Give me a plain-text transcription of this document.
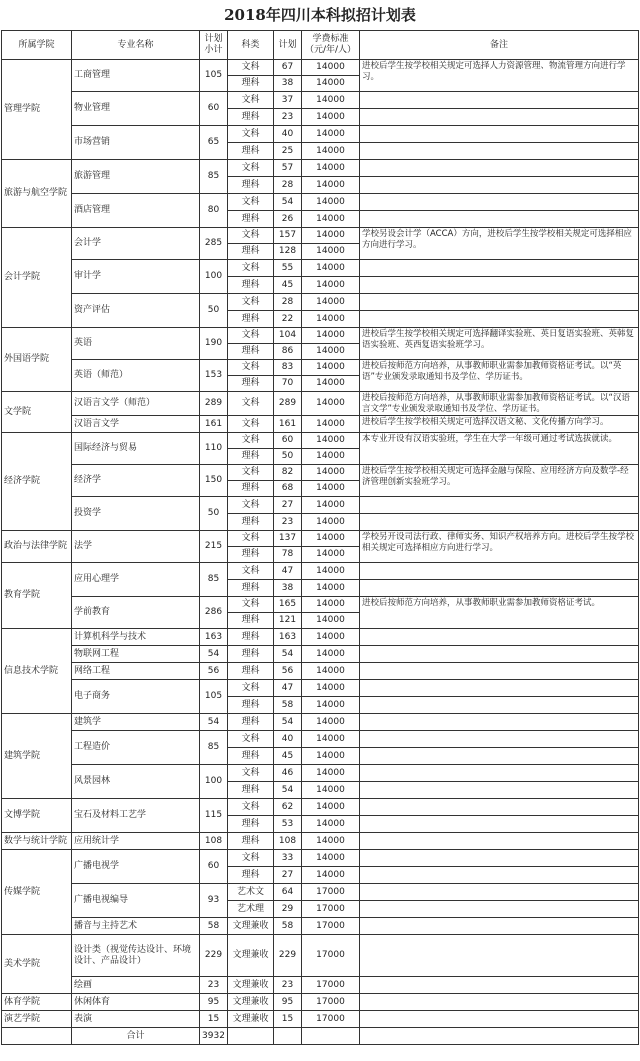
2018年四川本科拟招计划表
所属学院	专业名称	计划小计	科类	计划	学费标准（元/年/人）	备注
管理学院	工商管理	105	文科	67	14000	进校后学生按学校相关规定可选择人力资源管理、物流管理方向进行学习。
			理科	38	14000	
	物业管理	60	文科	37	14000	
			理科	23	14000	
	市场营销	65	文科	40	14000	
			理科	25	14000	
旅游与航空学院	旅游管理	85	文科	57	14000	
			理科	28	14000	
	酒店管理	80	文科	54	14000	
			理科	26	14000	
会计学院	会计学	285	文科	157	14000	学校另设会计学（ACCA）方向，进校后学生按学校相关规定可选择相应方向进行学习。
			理科	128	14000	
	审计学	100	文科	55	14000	
			理科	45	14000	
	资产评估	50	文科	28	14000	
			理科	22	14000	
外国语学院	英语	190	文科	104	14000	进校后学生按学校相关规定可选择翻译实验班、英日复语实验班、英韩复语实验班、英西复语实验班学习。
			理科	86	14000	
	英语（师范）	153	文科	83	14000	进校后按师范方向培养，从事教师职业需参加教师资格证考试。以“英语”专业颁发录取通知书及学位、学历证书。
			理科	70	14000	
文学院	汉语言文学（师范）	289	文科	289	14000	进校后按师范方向培养，从事教师职业需参加教师资格证考试。以“汉语言文学”专业颁发录取通知书及学位、学历证书。
	汉语言文学	161	文科	161	14000	进校后学生按学校相关规定可选择汉语文秘、文化传播方向学习。
经济学院	国际经济与贸易	110	文科	60	14000	本专业开设有汉语实验班，学生在大学一年级可通过考试选拔就读。
			理科	50	14000	
	经济学	150	文科	82	14000	进校后学生按学校相关规定可选择金融与保险、应用经济方向及数学-经济管理创新实验班学习。
			理科	68	14000	
	投资学	50	文科	27	14000	
			理科	23	14000	
政治与法律学院	法学	215	文科	137	14000	学校另开设司法行政、律师实务、知识产权培养方向。进校后学生按学校相关规定可选择相应方向进行学习。
			理科	78	14000	
教育学院	应用心理学	85	文科	47	14000	
			理科	38	14000	
	学前教育	286	文科	165	14000	进校后按师范方向培养，从事教师职业需参加教师资格证考试。
			理科	121	14000	
信息技术学院	计算机科学与技术	163	理科	163	14000	
	物联网工程	54	理科	54	14000	
	网络工程	56	理科	56	14000	
	电子商务	105	文科	47	14000	
			理科	58	14000	
建筑学院	建筑学	54	理科	54	14000	
	工程造价	85	文科	40	14000	
			理科	45	14000	
	风景园林	100	文科	46	14000	
			理科	54	14000	
文博学院	宝石及材料工艺学	115	文科	62	14000	
			理科	53	14000	
数学与统计学院	应用统计学	108	理科	108	14000	
传媒学院	广播电视学	60	文科	33	14000	
			理科	27	14000	
	广播电视编导	93	艺术文	64	17000	
			艺术理	29	17000	
	播音与主持艺术	58	文理兼收	58	17000	
美术学院	设计类（视觉传达设计、环境设计、产品设计）	229	文理兼收	229	17000	
	绘画	23	文理兼收	23	17000	
体育学院	休闲体育	95	文理兼收	95	17000	
演艺学院	表演	15	文理兼收	15	17000	
	合计	3932				
